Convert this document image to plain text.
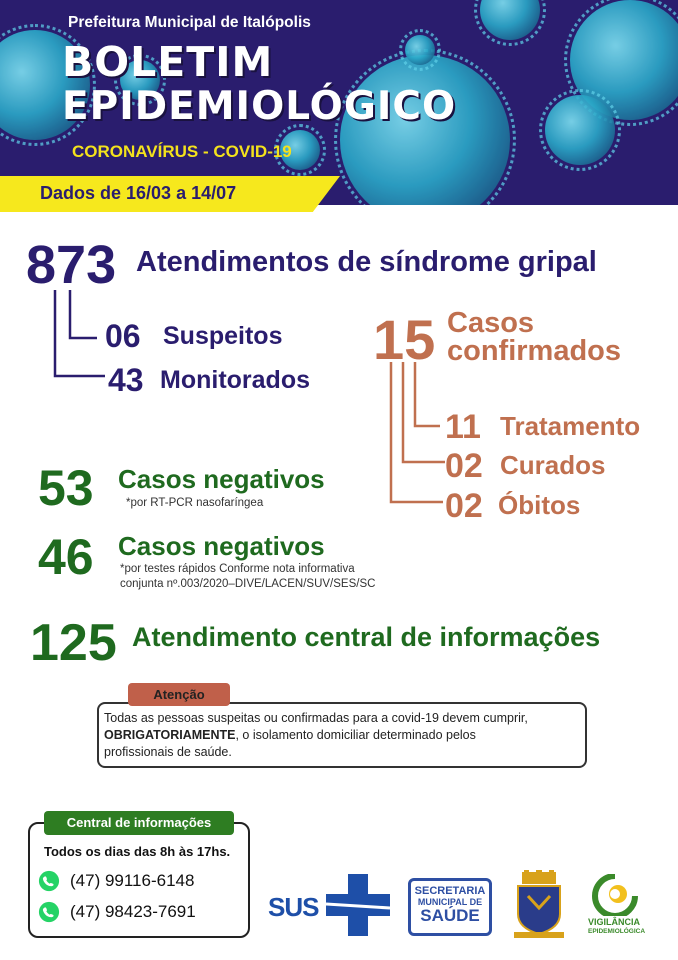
Prefeitura Municipal de Italópolis
BOLETIM
EPIDEMIOLÓGICO
CORONAVÍRUS - COVID-19
Dados de 16/03 a 14/07
873 Atendimentos de síndrome gripal
06 Suspeitos
43 Monitorados
15 Casos
confirmados
11 Tratamento
02 Curados
02 Óbitos
53 Casos negativos
*por RT-PCR nasofaríngea
46 Casos negativos
*por testes rápidos Conforme nota informativa
conjunta nº.003/2020–DIVE/LACEN/SUV/SES/SC
125 Atendimento central de informações
Todas as pessoas suspeitas ou confirmadas para a covid-19 devem cumprir,
OBRIGATORIAMENTE, o isolamento domiciliar determinado pelos
profissionais de saúde.
Atenção
Central de informações
Todos os dias das 8h às 17hs.
(47) 99116-6148
(47) 98423-7691	SUS
SECRETARIA
MUNICIPAL DE
SAÚDE	VIGILÂNCIA
EPIDEMIOLÓGICA
